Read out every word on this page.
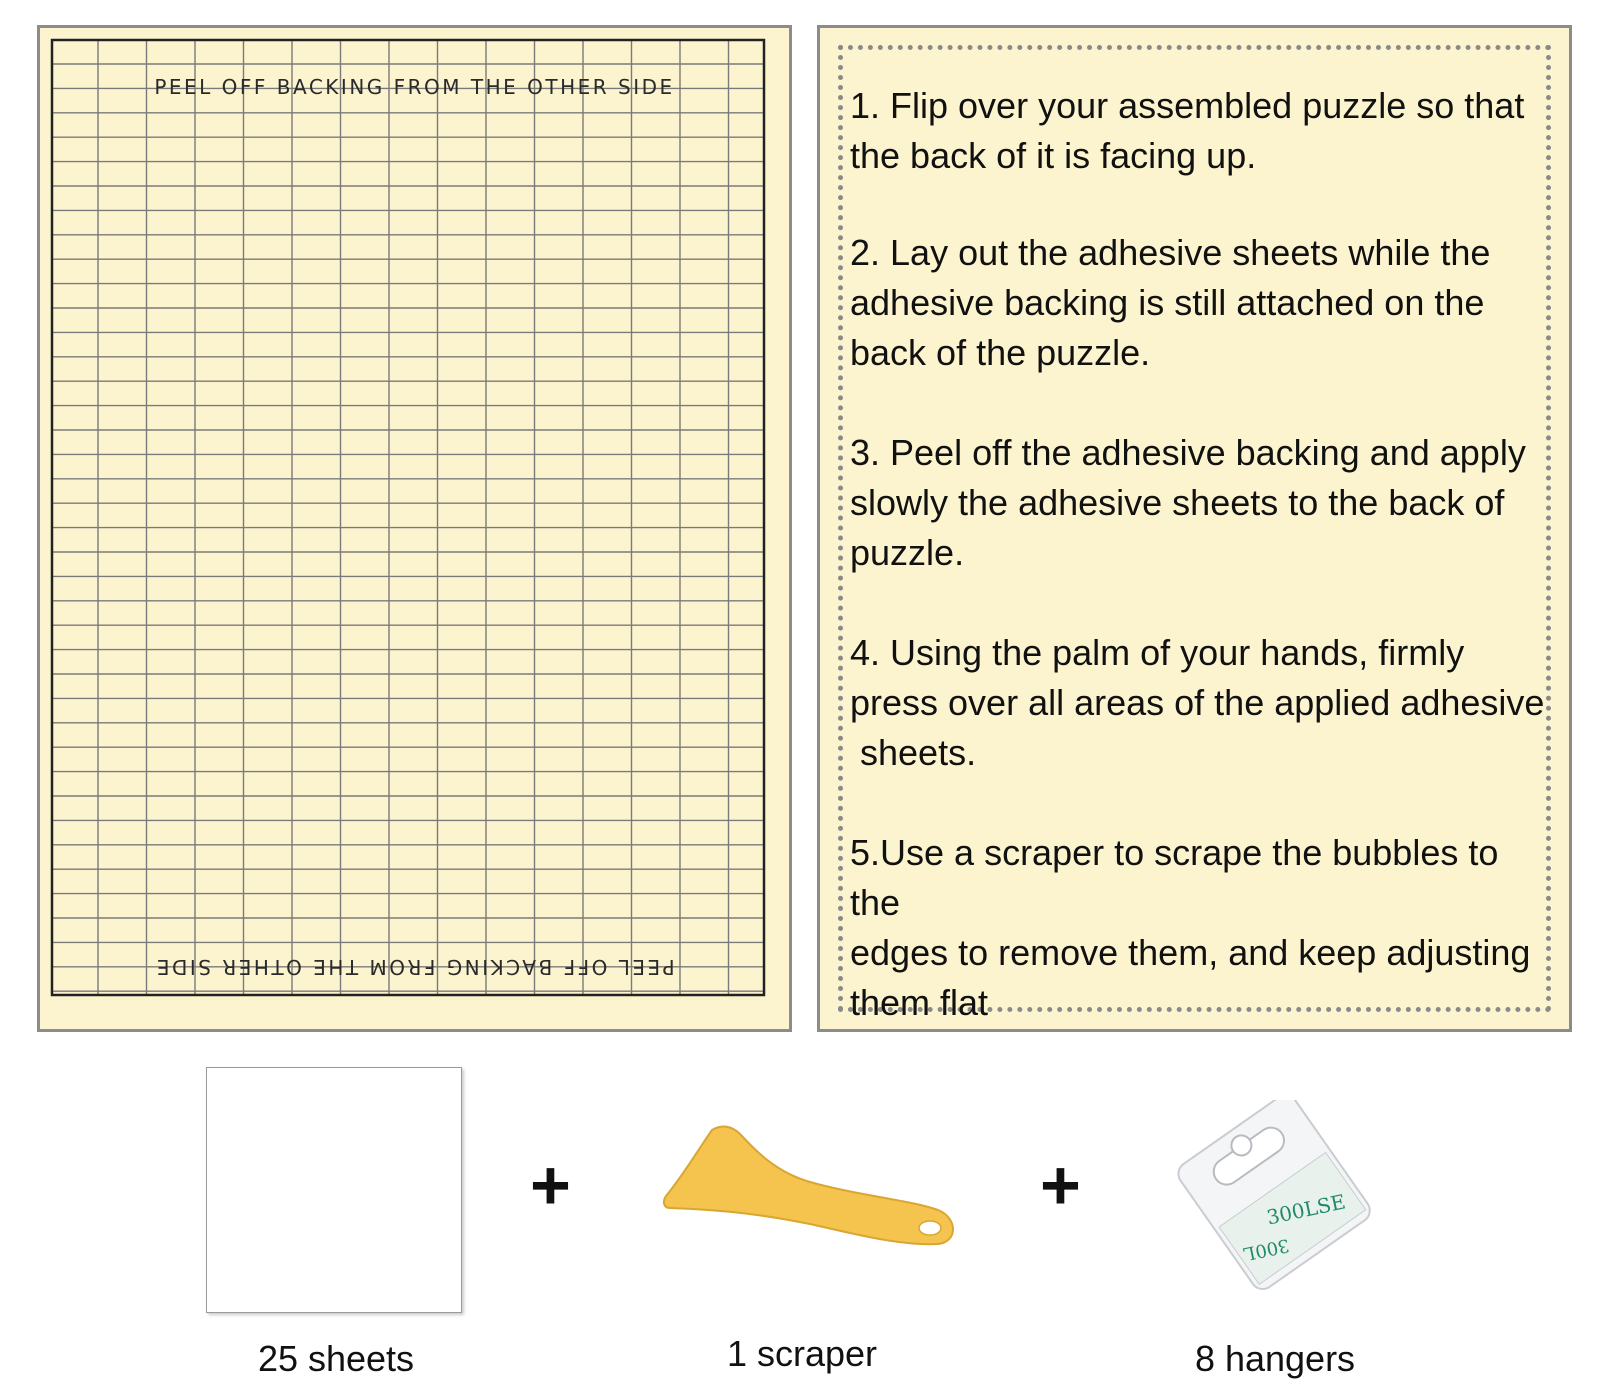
PEEL OFF BACKING FROM THE OTHER SIDE
PEEL OFF BACKING FROM THE OTHER SIDE
1. Flip over your assembled puzzle so that
the back of it is facing up.
2. Lay out the adhesive sheets while the
adhesive backing is still attached on the
back of the puzzle.
3. Peel off the adhesive backing and apply
slowly the adhesive sheets to the back of
puzzle.
4. Using the palm of your hands, firmly
press over all areas of the applied adhesive
sheets.
5.Use a scraper to scrape the bubbles to the
edges to remove them, and keep adjusting
them flat
+	+	300LSE
300L
25 sheets	1 scraper	8 hangers
